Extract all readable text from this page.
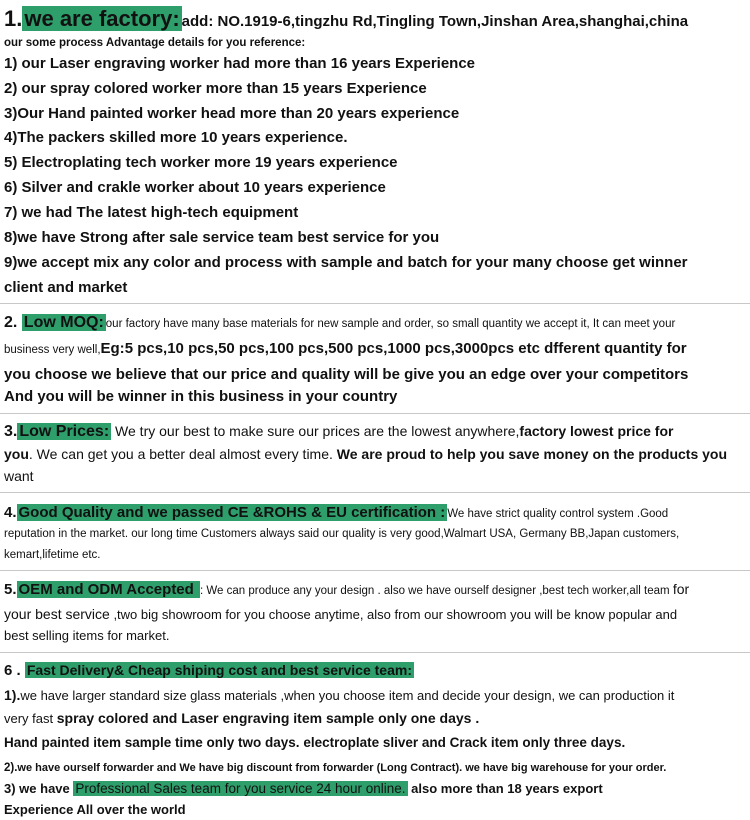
1.we are factory: add: NO.1919-6,tingzhu Rd,Tingling Town,Jinshan Area,shanghai,china
our some process Advantage details for you reference:
1) our Laser engraving worker had more than 16 years Experience
2) our spray colored worker more than 15 years Experience
3)Our Hand painted worker head more than 20 years experience
4)The packers skilled more 10 years experience.
5) Electroplating tech worker more 19 years experience
6) Silver and crakle worker about 10 years experience
7) we had The latest high-tech equipment
8)we have Strong after sale service team best service for you
9)we accept mix any color and process with sample and batch for your many choose get winner
client and market
2. Low MOQ: our factory have many base materials for new sample and order, so small quantity we accept it, It can meet your
business very well,Eg:5 pcs,10 pcs,50 pcs,100 pcs,500 pcs,1000 pcs,3000pcs etc dfferent quantity for
you choose we believe that our price and quality will be give you an edge over your competitors
And you will be winner in this business in your country
3. Low Prices: We try our best to make sure our prices are the lowest anywhere,factory lowest price for
you. We can get you a better deal almost every time. We are proud to help you save money on the products you
want
4. Good Quality and we passed CE &ROHS & EU certification : We have strict quality control system .Good
reputation in the market. our long time Customers always said our quality is very good,Walmart USA, Germany BB,Japan customers,
kemart,lifetime etc.
5. OEM and ODM Accepted : We can produce any your design . also we have ourself designer ,best tech worker,all team for
your best service ,two big showroom for you choose anytime, also from our showroom you will be know popular and
best selling items for market.
6 . Fast Delivery& Cheap shiping cost and best service team:
1).we have larger standard size glass materials ,when you choose item and decide your design, we can production it
very fast spray colored and Laser engraving item sample only one days .
Hand painted item sample time only two days. electroplate sliver and Crack item only three days.
2).we have ourself forwarder and We have big discount from forwarder (Long Contract). we have big warehouse for your order.
3) we have Professional Sales team for you service 24 hour online. also more than 18 years export
Experience All over the world
